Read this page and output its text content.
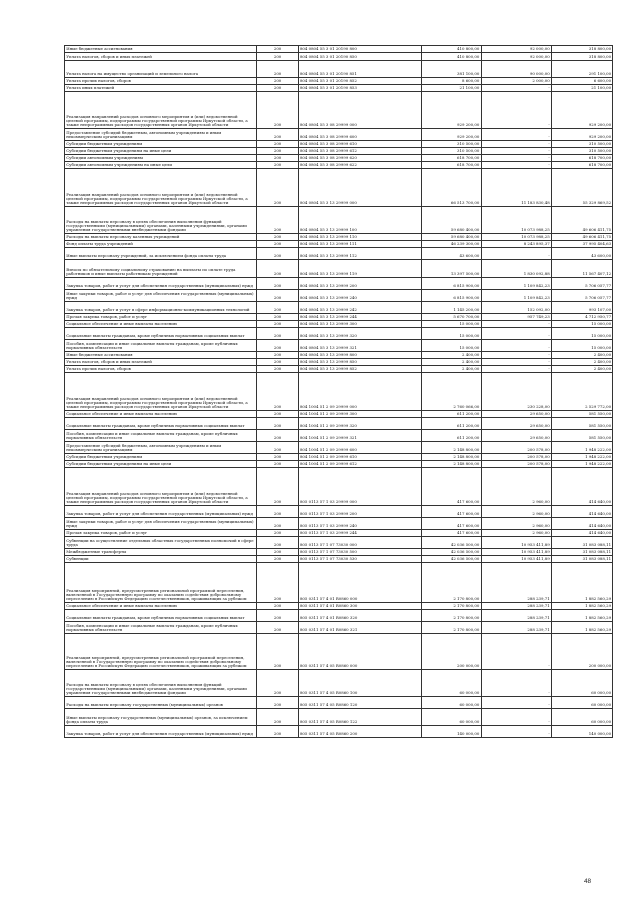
Иные бюджетные ассигнования	200	804 0804 55 3 01 20190 800	410 800,00	92 000,00	318 800,00
Уплата налогов, сборов и иных платежей	200	804 0804 55 3 01 20190 850	410 800,00	92 000,00	318 800,00
Уплата налога на имущество организаций и земельного налога	200	804 0804 55 3 01 20190 851	381 100,00	90 000,00	291 100,00
Уплата прочих налогов, сборов	200	804 0804 55 3 01 20190 852	8 600,00	2 000,00	6 600,00
Уплата иных платежей	200	804 0804 55 3 01 20190 853	21 100,00	-	21 100,00
Реализация направлений расходов основного мероприятия и (или) ведомственной целевой программы, подпрограммы государственной программы Иркутской области, а также непрограммных расходов государственных органов Иркутской области	200	804 0804 55 3 08 29999 000	929 200,00	-	929 200,00
Предоставление субсидий бюджетным, автономным учреждениям и иным некоммерческим организациям	200	804 0804 55 3 08 29999 600	929 200,00	-	929 200,00
Субсидии бюджетным учреждениям	200	804 0804 55 3 08 29999 610	310 500,00	-	310 500,00
Субсидии бюджетным учреждениям на иные цели	200	804 0804 55 3 08 29999 612	310 500,00	-	310 500,00
Субсидии автономным учреждениям	200	804 0804 55 3 08 29999 620	618 700,00	-	618 700,00
Субсидии автономным учреждениям на иные цели	200	804 0804 55 3 08 29999 622	618 700,00	-	618 700,00
Реализация направлений расходов основного мероприятия и (или) ведомственной целевой программы, подпрограммы государственной программы Иркутской области, а также непрограммных расходов государственных органов Иркутской области	200	804 0804 55 3 13 29999 000	66 513 700,00	11 183 830,48	55 329 869,52
Расходы на выплаты персоналу в целях обеспечения выполнения функций государственными (муниципальными) органами, казенными учреждениями, органами управления государственными внебюджетными фондами	200	804 0804 55 3 13 29999 100	59 680 400,00	10 073 988,25	49 606 411,75
Расходы на выплаты персоналу казенных учреждений	200	804 0804 55 3 13 29999 110	59 680 400,00	10 073 988,25	49 606 411,75
Фонд оплаты труда учреждений	200	804 0804 55 3 13 29999 111	46 239 300,00	8 243 895,37	37 995 404,63
Иные выплаты персоналу учреждений, за исключением фонда оплаты труда	200	804 0804 55 3 13 29999 112	43 600,00	-	43 600,00
Взносы по обязательному социальному страхованию на выплаты по оплате труда работников и иные выплаты работникам учреждений	200	804 0804 55 3 13 29999 119	13 397 500,00	1 830 092,88	11 567 407,12
Закупка товаров, работ и услуг для обеспечения государственных (муниципальных) нужд	200	804 0804 55 3 13 29999 200	6 815 900,00	1 109 842,23	5 706 057,77
Иные закупки товаров, работ и услуг для обеспечения государственных (муниципальных) нужд	200	804 0804 55 3 13 29999 240	6 815 900,00	1 109 842,23	5 706 057,77
Закупка товаров, работ и услуг в сфере информационно-коммуникационных технологий	200	804 0804 55 3 13 29999 242	1 145 200,00	152 092,00	993 107,00
Прочая закупка товаров, работ и услуг	200	804 0804 55 3 13 29999 244	5 670 700,00	957 749,23	4 712 950,77
Социальное обеспечение и иные выплаты населению	200	804 0804 55 3 13 29999 300	15 000,00	-	15 000,00
Социальные выплаты гражданам, кроме публичных нормативных социальных выплат	200	804 0804 55 3 13 29999 320	15 000,00	-	15 000,00
Пособия, компенсации и иные социальные выплаты гражданам, кроме публичных нормативных обязательств	200	804 0804 55 3 13 29999 321	15 000,00	-	15 000,00
Иные бюджетные ассигнования	200	804 0804 55 3 13 29999 800	2 400,00	-	2 400,00
Уплата налогов, сборов и иных платежей	200	804 0804 55 3 13 29999 850	2 400,00	-	2 400,00
Уплата прочих налогов, сборов	200	804 0804 55 3 13 29999 852	2 400,00	-	2 400,00
Реализация направлений расходов основного мероприятия и (или) ведомственной целевой программы, подпрограммы государственной программы Иркутской области, а также непрограммных расходов государственных органов Иркутской области	200	804 1004 51 2 09 29999 000	2 760 066,00	230 228,00	2 529 772,00
Социальное обеспечение и иные выплаты населению	200	804 1004 51 2 09 29999 300	611 200,00	29 650,00	581 550,00
Социальные выплаты гражданам, кроме публичных нормативных социальных выплат	200	804 1004 51 2 09 29999 320	611 200,00	29 650,00	581 550,00
Пособия, компенсации и иные социальные выплаты гражданам, кроме публичных нормативных обязательств	200	804 1004 51 2 09 29999 321	611 200,00	29 650,00	581 550,00
Предоставление субсидий бюджетным, автономным учреждениям и иным некоммерческим организациям	200	804 1004 51 2 09 29999 600	2 148 800,00	200 578,00	1 948 222,00
Субсидии бюджетным учреждениям	200	804 1004 51 2 09 29999 610	2 148 800,00	200 578,00	1 948 222,00
Субсидии бюджетным учреждениям на иные цели	200	804 1004 51 2 09 29999 612	2 148 800,00	200 578,00	1 948 222,00
Реализация направлений расходов основного мероприятия и (или) ведомственной целевой программы, подпрограммы государственной программы Иркутской области, а также непрограммных расходов государственных органов Иркутской области	200	805 0113 57 1 03 29999 000	417 600,00	2 960,00	414 640,00
Закупка товаров, работ и услуг для обеспечения государственных (муниципальных) нужд	200	805 0113 57 1 03 29999 200	417 600,00	2 960,00	414 640,00
Иные закупки товаров, работ и услуг для обеспечения государственных (муниципальных) нужд	200	805 0113 57 1 03 29999 240	417 600,00	2 960,00	414 640,00
Прочая закупка товаров, работ и услуг	200	805 0113 57 1 03 29999 244	417 600,00	2 960,00	414 640,00
Субвенции на осуществление отдельных областных государственных полномочий в сфере труда	200	805 0113 57 1 07 73030 000	42 036 500,00	10 953 411,89	31 083 088,11
Межбюджетные трансферты	200	805 0113 57 1 07 73030 500	42 036 500,00	10 953 411,89	31 083 088,11
Субвенции	200	805 0113 57 1 07 73030 530	42 036 500,00	10 953 411,89	31 083 088,11
Реализация мероприятий, предусмотренных региональной программой переселения, включенной в Государственную программу по оказанию содействия добровольному переселению в Российскую Федерацию соотечественников, проживающих за рубежом	200	805 0311 57 4 01 R0860 000	2 170 800,00	288 239,71	1 882 560,29
Социальное обеспечение и иные выплаты населению	200	805 0311 57 4 01 R0860 300	2 170 800,00	288 239,71	1 882 560,29
Социальные выплаты гражданам, кроме публичных нормативных социальных выплат	200	805 0311 57 4 01 R0860 320	2 170 800,00	288 239,71	1 882 560,29
Пособия, компенсации и иные социальные выплаты гражданам, кроме публичных нормативных обязательств	200	805 0311 57 4 01 R0860 321	2 170 800,00	288 239,71	1 882 560,29
Реализация мероприятий, предусмотренных региональной программой переселения, включенной в Государственную программу по оказанию содействия добровольному переселению в Российскую Федерацию соотечественников, проживающих за рубежом	200	805 0311 57 4 05 R0860 000	200 000,00	-	200 000,00
Расходы на выплаты персоналу в целях обеспечения выполнения функций государственными (муниципальными) органами, казенными учреждениями, органами управления государственными внебюджетными фондами	200	805 0311 57 4 05 R0860 100	60 000,00	-	60 000,00
Расходы на выплаты персоналу государственных (муниципальных) органов	200	805 0311 57 4 05 R0860 120	60 000,00	-	60 000,00
Иные выплаты персоналу государственных (муниципальных) органов, за исключением фонда оплаты труда	200	805 0311 57 4 05 R0860 122	60 000,00	-	60 000,00
Закупка товаров, работ и услуг для обеспечения государственных (муниципальных) нужд	200	805 0311 57 4 05 R0860 200	140 000,00	-	140 000,00
48
